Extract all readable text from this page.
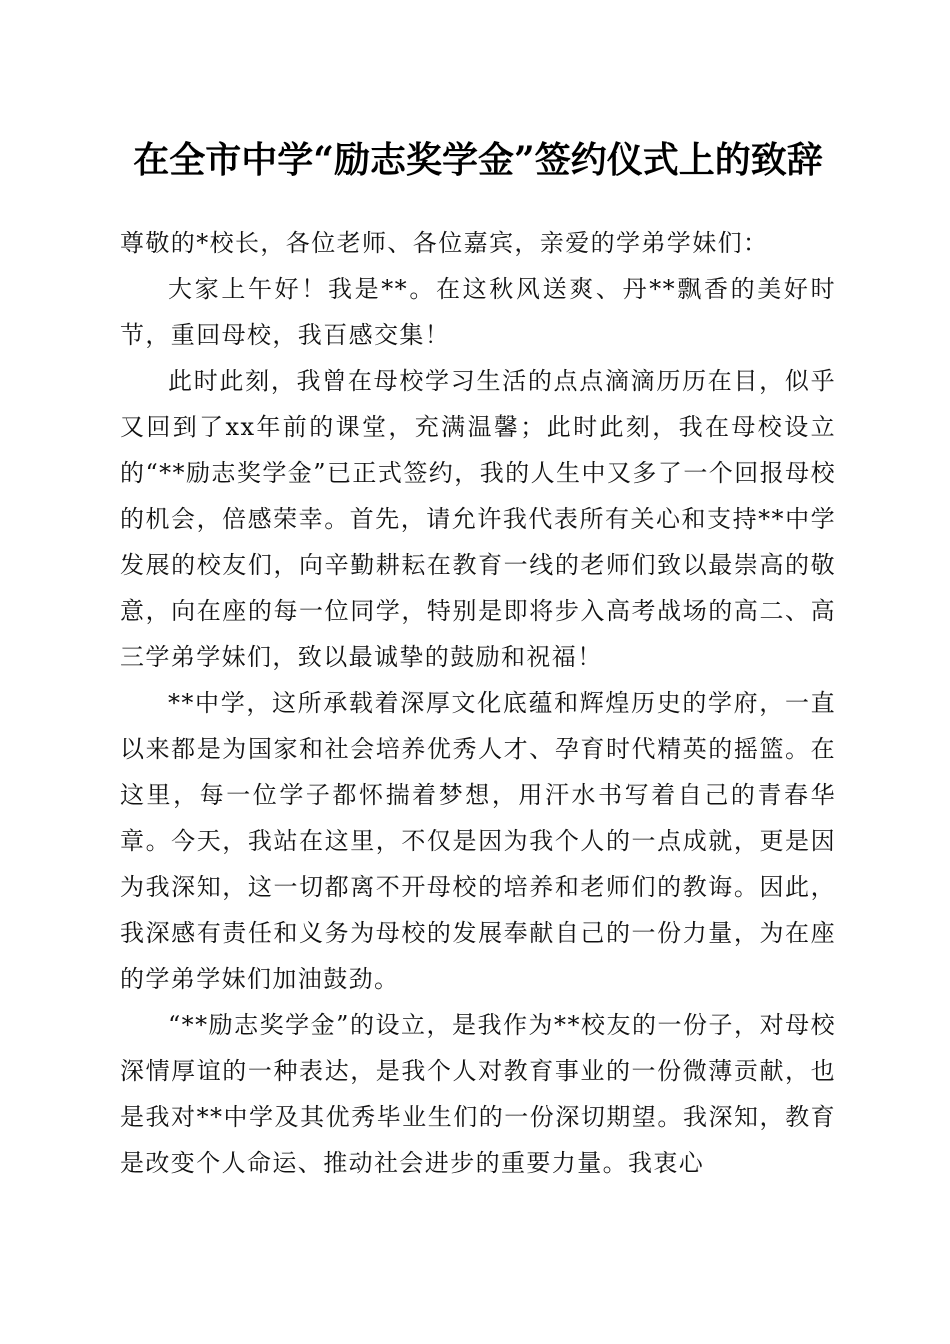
在全市中学“励志奖学金”签约仪式上的致辞

尊敬的*校长，各位老师、各位嘉宾，亲爱的学弟学妹们：

大家上午好！我是**。在这秋风送爽、丹**飘香的美好时节，重回母校，我百感交集！

此时此刻，我曾在母校学习生活的点点滴滴历历在目，似乎又回到了xx年前的课堂，充满温馨；此时此刻，我在母校设立的“**励志奖学金”已正式签约，我的人生中又多了一个回报母校的机会，倍感荣幸。首先，请允许我代表所有关心和支持**中学发展的校友们，向辛勤耕耘在教育一线的老师们致以最崇高的敬意，向在座的每一位同学，特别是即将步入高考战场的高二、高三学弟学妹们，致以最诚挚的鼓励和祝福！

**中学，这所承载着深厚文化底蕴和辉煌历史的学府，一直以来都是为国家和社会培养优秀人才、孕育时代精英的摇篮。在这里，每一位学子都怀揣着梦想，用汗水书写着自己的青春华章。今天，我站在这里，不仅是因为我个人的一点成就，更是因为我深知，这一切都离不开母校的培养和老师们的教诲。因此，我深感有责任和义务为母校的发展奉献自己的一份力量，为在座的学弟学妹们加油鼓劲。

“**励志奖学金”的设立，是我作为**校友的一份子，对母校深情厚谊的一种表达，是我个人对教育事业的一份微薄贡献，也是我对**中学及其优秀毕业生们的一份深切期望。我深知，教育是改变个人命运、推动社会进步的重要力量。我衷心
